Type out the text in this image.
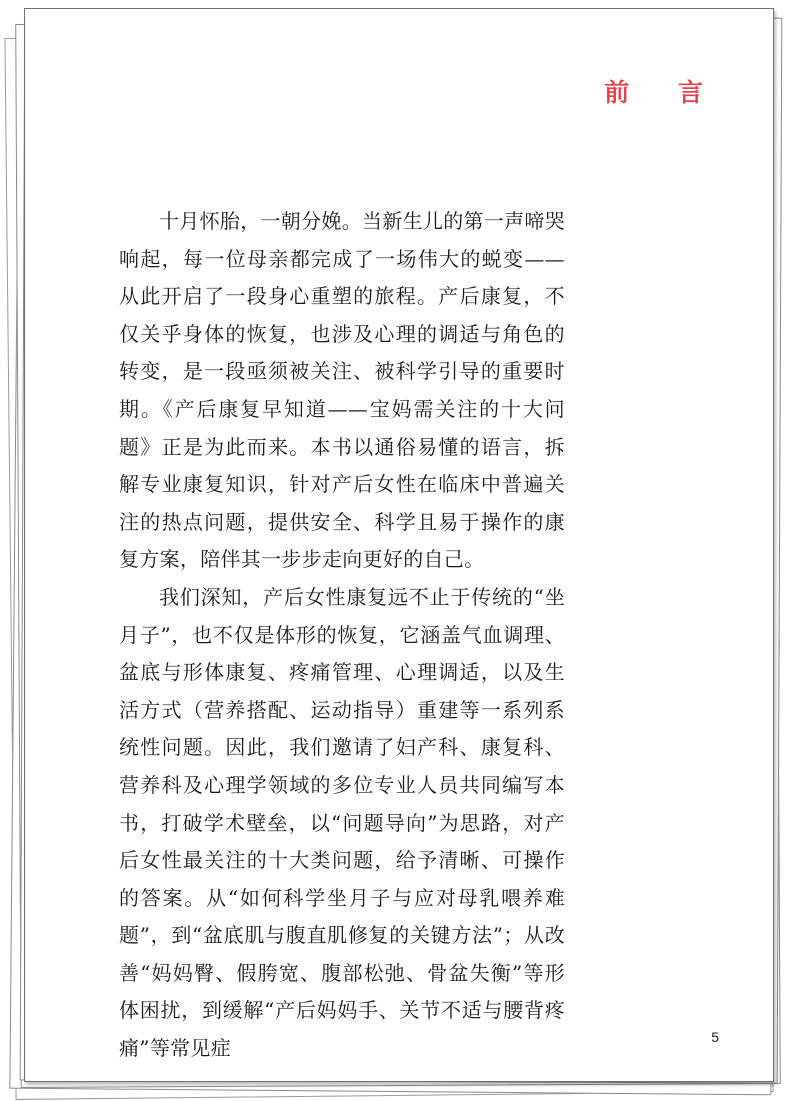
前 言

十月怀胎，一朝分娩。当新生儿的第一声啼哭响起，每一位母亲都完成了一场伟大的蜕变——从此开启了一段身心重塑的旅程。产后康复，不仅关乎身体的恢复，也涉及心理的调适与角色的转变，是一段亟须被关注、被科学引导的重要时期。《产后康复早知道——宝妈需关注的十大问题》正是为此而来。本书以通俗易懂的语言，拆解专业康复知识，针对产后女性在临床中普遍关注的热点问题，提供安全、科学且易于操作的康复方案，陪伴其一步步走向更好的自己。

我们深知，产后女性康复远不止于传统的“坐月子”，也不仅是体形的恢复，它涵盖气血调理、盆底与形体康复、疼痛管理、心理调适，以及生活方式（营养搭配、运动指导）重建等一系列系统性问题。因此，我们邀请了妇产科、康复科、营养科及心理学领域的多位专业人员共同编写本书，打破学术壁垒，以“问题导向”为思路，对产后女性最关注的十大类问题，给予清晰、可操作的答案。从“如何科学坐月子与应对母乳喂养难题”，到“盆底肌与腹直肌修复的关键方法”；从改善“妈妈臀、假胯宽、腹部松弛、骨盆失衡”等形体困扰，到缓解“产后妈妈手、关节不适与腰背疼痛”等常见症	5
